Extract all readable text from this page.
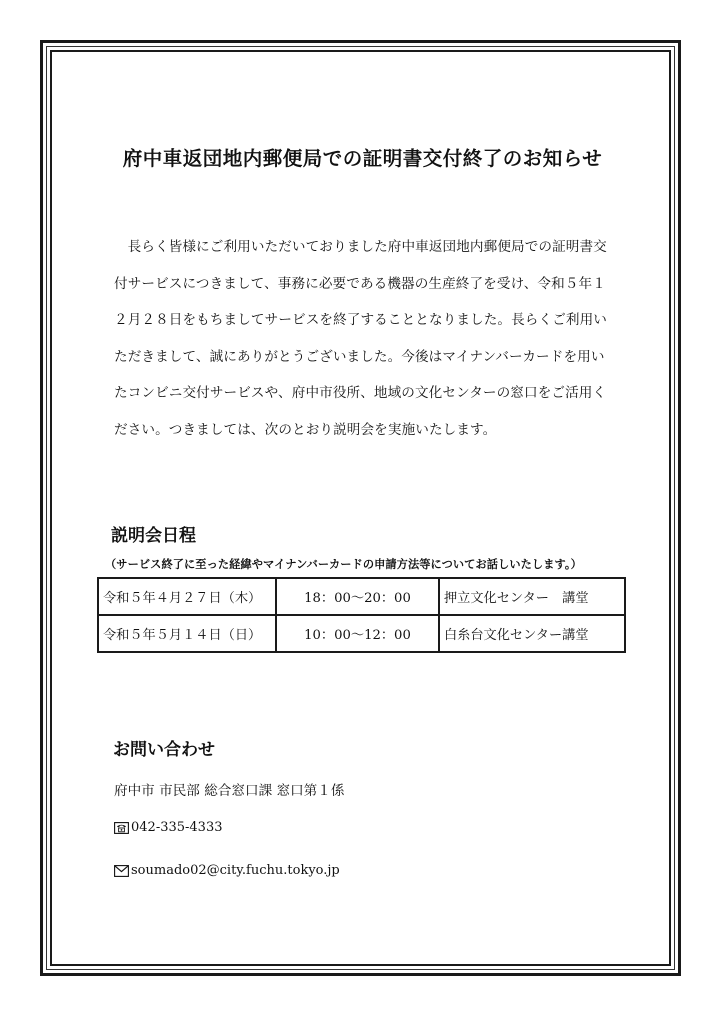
府中車返団地内郵便局での証明書交付終了のお知らせ

長らく皆様にご利用いただいておりました府中車返団地内郵便局での証明書交付サービスにつきまして、事務に必要である機器の生産終了を受け、令和５年１２月２８日をもちましてサービスを終了することとなりました。長らくご利用いただきまして、誠にありがとうございました。今後はマイナンバーカードを用いたコンビニ交付サービスや、府中市役所、地域の文化センターの窓口をご活用ください。つきましては、次のとおり説明会を実施いたします。

説明会日程
（サービス終了に至った経緯やマイナンバーカードの申請方法等についてお話しいたします。）
令和５年４月２７日（木）	18：00～20：00	押立文化センター　講堂
令和５年５月１４日（日）	10：00～12：00	白糸台文化センター講堂
お問い合わせ
府中市 市民部 総合窓口課 窓口第１係
042-335-4333
soumado02@city.fuchu.tokyo.jp
